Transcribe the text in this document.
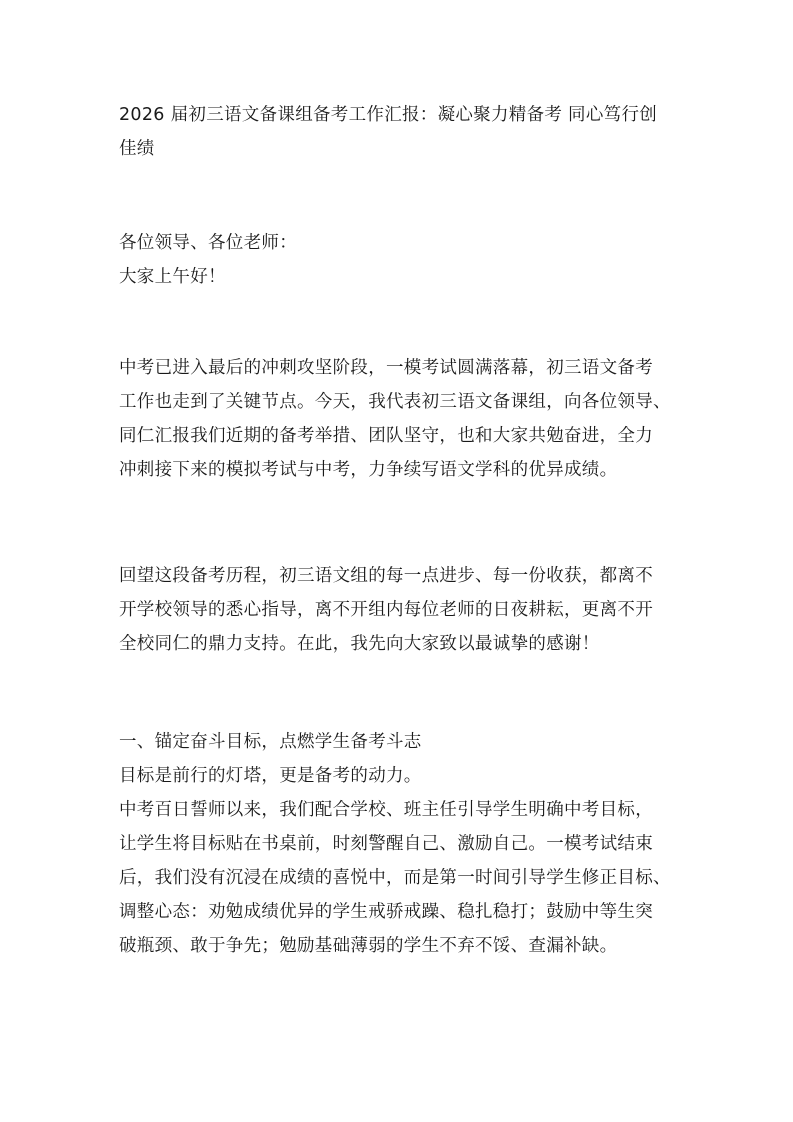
2026 届初三语文备课组备考工作汇报：凝心聚力精备考 同心笃行创
佳绩
各位领导、各位老师：
大家上午好！
中考已进入最后的冲刺攻坚阶段，一模考试圆满落幕，初三语文备考
工作也走到了关键节点。今天，我代表初三语文备课组，向各位领导、
同仁汇报我们近期的备考举措、团队坚守，也和大家共勉奋进，全力
冲刺接下来的模拟考试与中考，力争续写语文学科的优异成绩。
回望这段备考历程，初三语文组的每一点进步、每一份收获，都离不
开学校领导的悉心指导，离不开组内每位老师的日夜耕耘，更离不开
全校同仁的鼎力支持。在此，我先向大家致以最诚挚的感谢！
一、锚定奋斗目标，点燃学生备考斗志
目标是前行的灯塔，更是备考的动力。
中考百日誓师以来，我们配合学校、班主任引导学生明确中考目标，
让学生将目标贴在书桌前，时刻警醒自己、激励自己。一模考试结束
后，我们没有沉浸在成绩的喜悦中，而是第一时间引导学生修正目标、
调整心态：劝勉成绩优异的学生戒骄戒躁、稳扎稳打；鼓励中等生突
破瓶颈、敢于争先；勉励基础薄弱的学生不弃不馁、查漏补缺。
